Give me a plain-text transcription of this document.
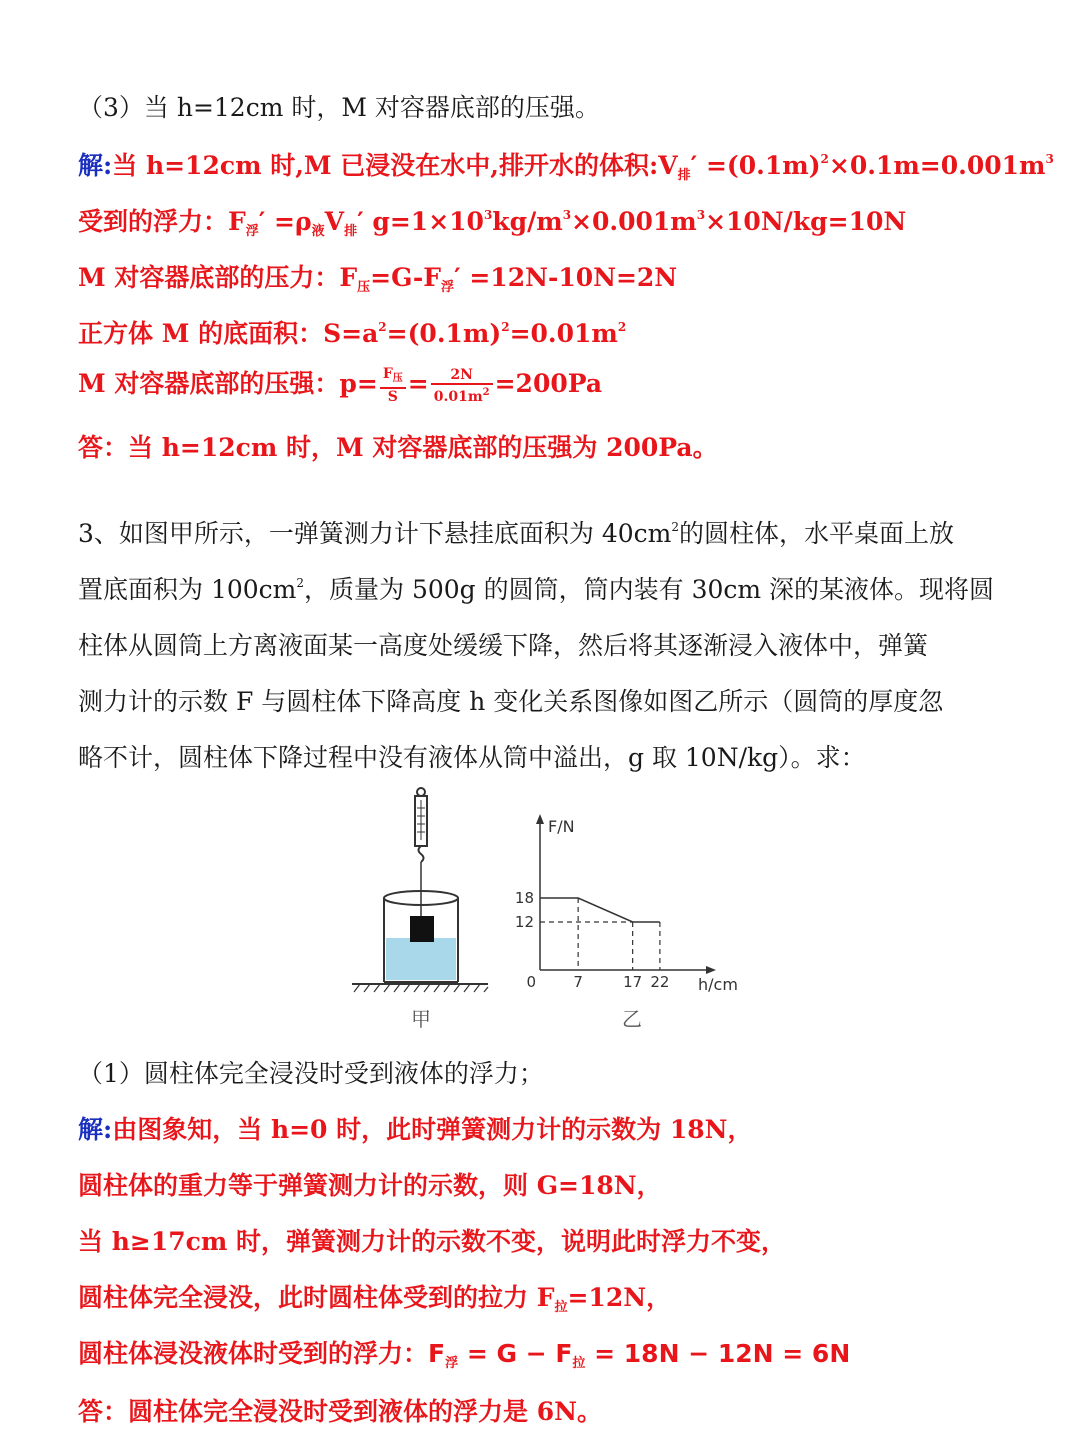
（3）当 h=12cm 时，M 对容器底部的压强。
解:当 h=12cm 时,M 已浸没在水中,排开水的体积$:V_排' =(0.1m)^2\times 0.1m=0.001m^3$
受到的浮力：$F_浮' =\rho_液V_排'$ $g=1\times 10^3kg/m^3\times 0.001m^3\times 10N/kg=10N$
M 对容器底部的压力：$F_压=G-F_浮' =12N-10N=2N$
正方体 M 的底面积：$S=a^2=(0.1m)^2=0.01m^2$
M 对容器底部的压强：$p= \frac{F_压}{S} = \frac{2N}{0.01m^2} =200Pa$
答：当 h=12cm 时，M 对容器底部的压强为 200Pa。
3、如图甲所示，一弹簧测力计下悬挂底面积为 $40cm^2$的圆柱体，水平桌面上放
置底面积为 $100cm^2$，质量为 500g 的圆筒，筒内装有 30cm 深的某液体。现将圆
柱体从圆筒上方离液面某一高度处缓缓下降，然后将其逐渐浸入液体中，弹簧
测力计的示数 F 与圆柱体下降高度 h 变化关系图像如图乙所示（圆筒的厚度忽
略不计，圆柱体下降过程中没有液体从筒中溢出，g 取 10N/kg）。求：
甲
F/N
h/cm
0 7	17 22
18
12
乙
（1）圆柱体完全浸没时受到液体的浮力；
解:由图象知，当 h=0 时，此时弹簧测力计的示数为 18N，
圆柱体的重力等于弹簧测力计的示数，则 G=18N，
当 h≥17cm 时，弹簧测力计的示数不变，说明此时浮力不变，
圆柱体完全浸没，此时圆柱体受到的拉力 $F_拉=12N$，
圆柱体浸没液体时受到的浮力：$F_浮 = G - F_拉 = 18N - 12N = 6N$
答：圆柱体完全浸没时受到液体的浮力是 6N。
